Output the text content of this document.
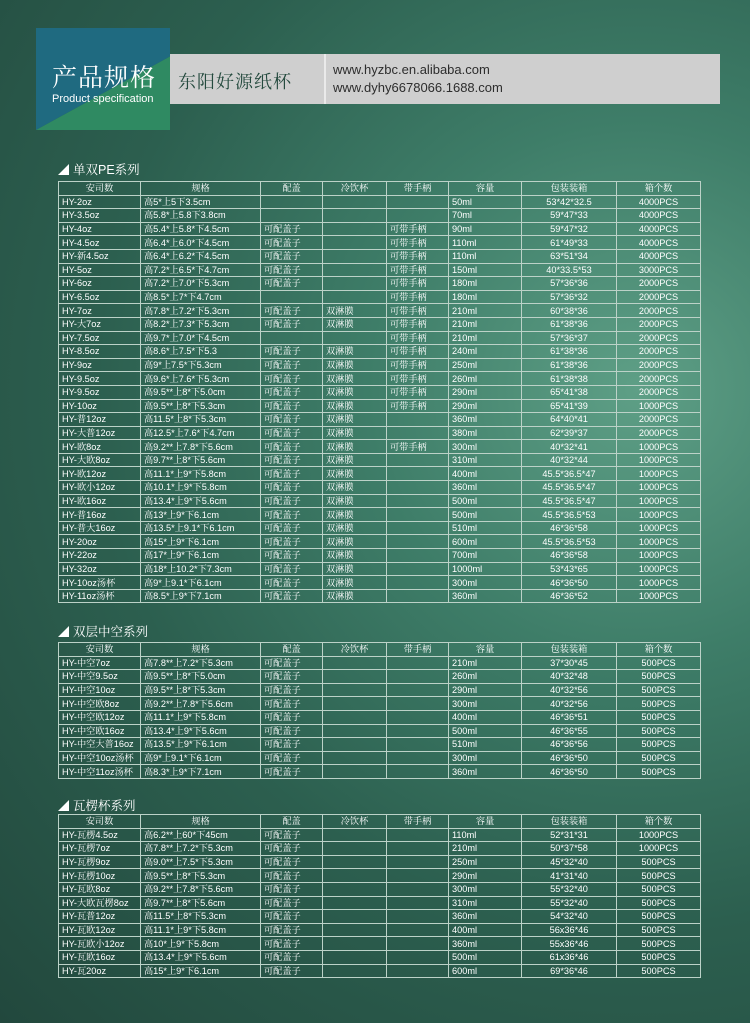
产品规格
Product specification
东阳好源纸杯
www.hyzbc.en.alibaba.com
www.dyhy6678066.1688.com
单双PE系列
安司数	规格	配盖	冷饮杯	带手柄	容量	包装装箱	箱个数
HY-2oz	高5*上5下3.5cm				50ml	53*42*32.5	4000PCS
HY-3.5oz	高5.8*上5.8下3.8cm				70ml	59*47*33	4000PCS
HY-4oz	高5.4*上5.8*下4.5cm	可配盖子		可带手柄	90ml	59*47*32	4000PCS
HY-4.5oz	高6.4*上6.0*下4.5cm	可配盖子		可带手柄	110ml	61*49*33	4000PCS
HY-新4.5oz	高6.4*上6.2*下4.5cm	可配盖子		可带手柄	110ml	63*51*34	4000PCS
HY-5oz	高7.2*上6.5*下4.7cm	可配盖子		可带手柄	150ml	40*33.5*53	3000PCS
HY-6oz	高7.2*上7.0*下5.3cm	可配盖子		可带手柄	180ml	57*36*36	2000PCS
HY-6.5oz	高8.5*上7*下4.7cm			可带手柄	180ml	57*36*32	2000PCS
HY-7oz	高7.8*上7.2*下5.3cm	可配盖子	双淋膜	可带手柄	210ml	60*38*36	2000PCS
HY-大7oz	高8.2*上7.3*下5.3cm	可配盖子	双淋膜	可带手柄	210ml	61*38*36	2000PCS
HY-7.5oz	高9.7*上7.0*下4.5cm			可带手柄	210ml	57*36*37	2000PCS
HY-8.5oz	高8.6*上7.5*下5.3	可配盖子	双淋膜	可带手柄	240ml	61*38*36	2000PCS
HY-9oz	高9*上7.5*下5.3cm	可配盖子	双淋膜	可带手柄	250ml	61*38*36	2000PCS
HY-9.5oz	高9.6*上7.6*下5.3cm	可配盖子	双淋膜	可带手柄	260ml	61*38*38	2000PCS
HY-9.5oz	高9.5**上8*下5.0cm	可配盖子	双淋膜	可带手柄	290ml	65*41*38	2000PCS
HY-10oz	高9.5**上8*下5.3cm	可配盖子	双淋膜	可带手柄	290ml	65*41*39	1000PCS
HY-普12oz	高11.5*上8*下5.3cm	可配盖子	双淋膜		360ml	64*40*41	2000PCS
HY-大普12oz	高12.5*上7.6*下4.7cm	可配盖子	双淋膜		380ml	62*39*37	2000PCS
HY-欧8oz	高9.2**上7.8*下5.6cm	可配盖子	双淋膜	可带手柄	300ml	40*32*41	1000PCS
HY-大欧8oz	高9.7**上8*下5.6cm	可配盖子	双淋膜		310ml	40*32*44	1000PCS
HY-欧12oz	高11.1*上9*下5.8cm	可配盖子	双淋膜		400ml	45.5*36.5*47	1000PCS
HY-欧小12oz	高10.1*上9*下5.8cm	可配盖子	双淋膜		360ml	45.5*36.5*47	1000PCS
HY-欧16oz	高13.4*上9*下5.6cm	可配盖子	双淋膜		500ml	45.5*36.5*47	1000PCS
HY-普16oz	高13*上9*下6.1cm	可配盖子	双淋膜		500ml	45.5*36.5*53	1000PCS
HY-普大16oz	高13.5*上9.1*下6.1cm	可配盖子	双淋膜		510ml	46*36*58	1000PCS
HY-20oz	高15*上9*下6.1cm	可配盖子	双淋膜		600ml	45.5*36.5*53	1000PCS
HY-22oz	高17*上9*下6.1cm	可配盖子	双淋膜		700ml	46*36*58	1000PCS
HY-32oz	高18*上10.2*下7.3cm	可配盖子	双淋膜		1000ml	53*43*65	1000PCS
HY-10oz汤杯	高9*上9.1*下6.1cm	可配盖子	双淋膜		300ml	46*36*50	1000PCS
HY-11oz汤杯	高8.5*上9*下7.1cm	可配盖子	双淋膜		360ml	46*36*52	1000PCS
双层中空系列
安司数	规格	配盖	冷饮杯	带手柄	容量	包装装箱	箱个数
HY-中空7oz	高7.8**上7.2*下5.3cm	可配盖子			210ml	37*30*45	500PCS
HY-中空9.5oz	高9.5**上8*下5.0cm	可配盖子			260ml	40*32*48	500PCS
HY-中空10oz	高9.5**上8*下5.3cm	可配盖子			290ml	40*32*56	500PCS
HY-中空欧8oz	高9.2**上7.8*下5.6cm	可配盖子			300ml	40*32*56	500PCS
HY-中空欧12oz	高11.1*上9*下5.8cm	可配盖子			400ml	46*36*51	500PCS
HY-中空欧16oz	高13.4*上9*下5.6cm	可配盖子			500ml	46*36*55	500PCS
HY-中空大普16oz	高13.5*上9*下6.1cm	可配盖子			510ml	46*36*56	500PCS
HY-中空10oz汤杯	高9*上9.1*下6.1cm	可配盖子			300ml	46*36*50	500PCS
HY-中空11oz汤杯	高8.3*上9*下7.1cm	可配盖子			360ml	46*36*50	500PCS
瓦楞杯系列
安司数	规格	配盖	冷饮杯	带手柄	容量	包装装箱	箱个数
HY-瓦楞4.5oz	高6.2**上60*下45cm	可配盖子			110ml	52*31*31	1000PCS
HY-瓦楞7oz	高7.8**上7.2*下5.3cm	可配盖子			210ml	50*37*58	1000PCS
HY-瓦楞9oz	高9.0**上7.5*下5.3cm	可配盖子			250ml	45*32*40	500PCS
HY-瓦楞10oz	高9.5**上8*下5.3cm	可配盖子			290ml	41*31*40	500PCS
HY-瓦欧8oz	高9.2**上7.8*下5.6cm	可配盖子			300ml	55*32*40	500PCS
HY-大欧瓦楞8oz	高9.7**上8*下5.6cm	可配盖子			310ml	55*32*40	500PCS
HY-瓦普12oz	高11.5*上8*下5.3cm	可配盖子			360ml	54*32*40	500PCS
HY-瓦欧12oz	高11.1*上9*下5.8cm	可配盖子			400ml	56x36*46	500PCS
HY-瓦欧小12oz	高10*上9*下5.8cm	可配盖子			360ml	55x36*46	500PCS
HY-瓦欧16oz	高13.4*上9*下5.6cm	可配盖子			500ml	61x36*46	500PCS
HY-瓦20oz	高15*上9*下6.1cm	可配盖子			600ml	69*36*46	500PCS
